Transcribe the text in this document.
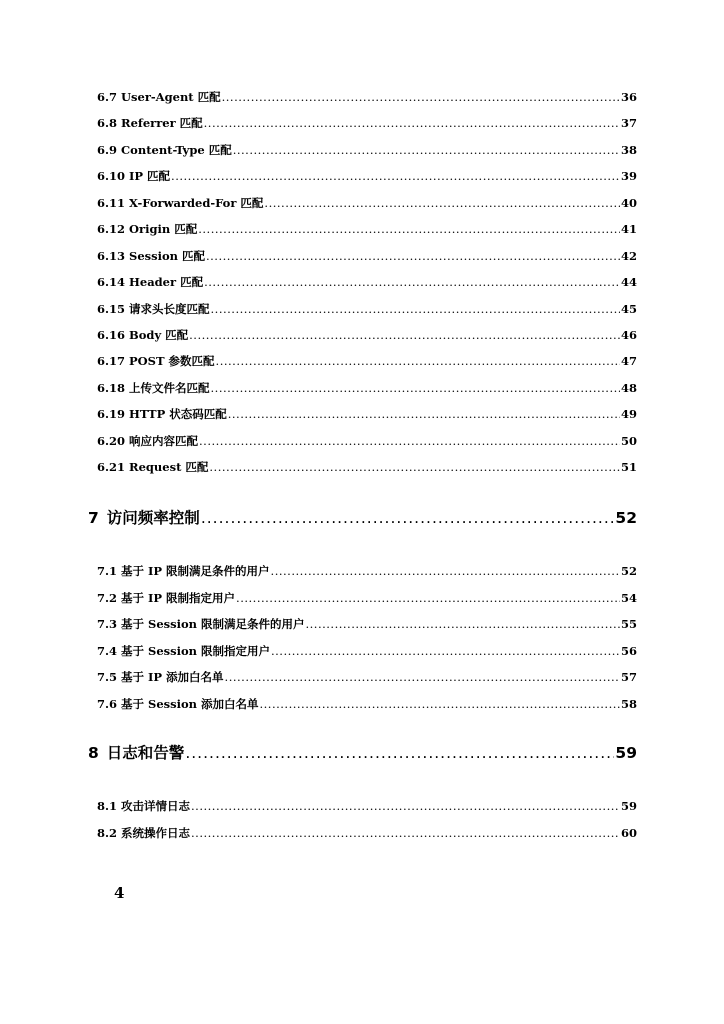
6.7 User-Agent 匹配 .....	36
6.8 Referrer 匹配 .....	37
6.9 Content-Type 匹配 .....	38
6.10 IP 匹配 .....	39
6.11 X-Forwarded-For 匹配 .....	40
6.12 Origin 匹配 .....	41
6.13 Session 匹配 .....	42
6.14 Header 匹配 .....	44
6.15 请求头长度匹配 .....	45
6.16 Body 匹配 .....	46
6.17 POST 参数匹配 .....	47
6.18 上传文件名匹配 .....	48
6.19 HTTP 状态码匹配 .....	49
6.20 响应内容匹配 .....	50
6.21 Request 匹配 .....	51
7 访问频率控制 .....	52
7.1 基于 IP 限制满足条件的用户 .....	52
7.2 基于 IP 限制指定用户 .....	54
7.3 基于 Session 限制满足条件的用户 .....	55
7.4 基于 Session 限制指定用户 .....	56
7.5 基于 IP 添加白名单 .....	57
7.6 基于 Session 添加白名单 .....	58
8 日志和告警 .....	59
8.1 攻击详情日志 .....	59
8.2 系统操作日志 .....	60
4
